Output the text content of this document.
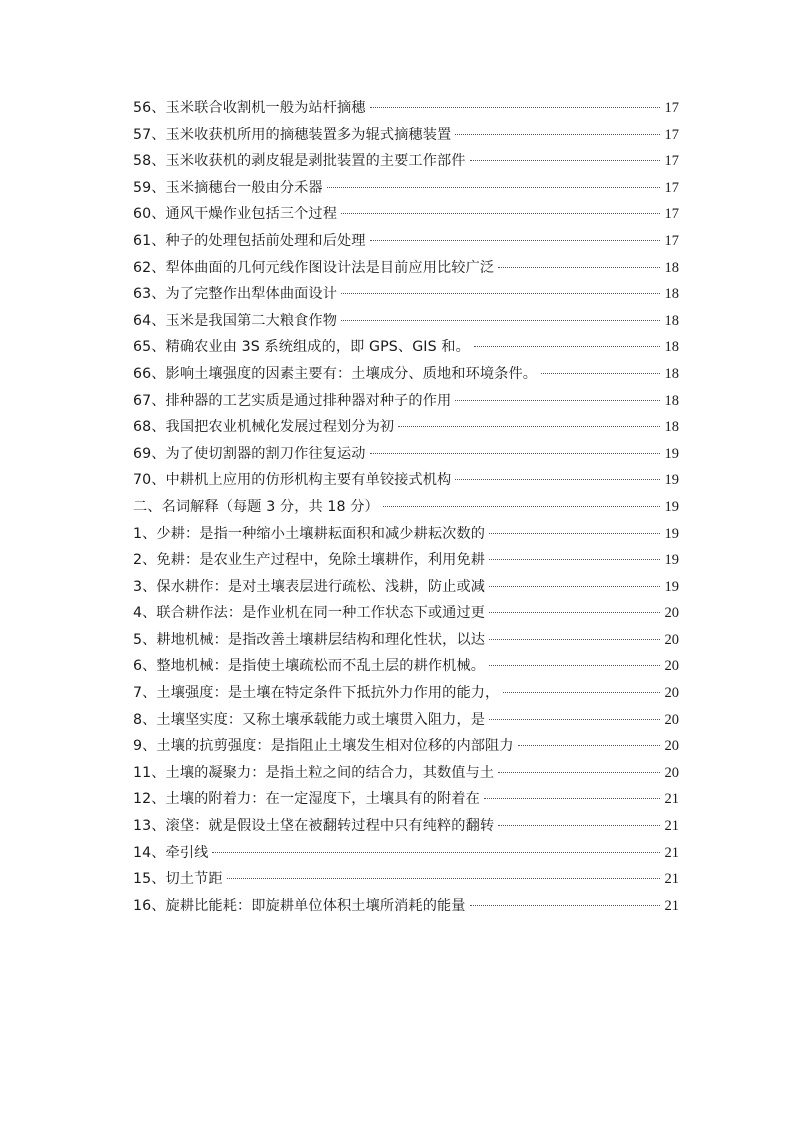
56、玉米联合收割机一般为站杆摘穗	17
57、玉米收获机所用的摘穗装置多为辊式摘穗装置	17
58、玉米收获机的剥皮辊是剥批装置的主要工作部件	17
59、玉米摘穗台一般由分禾器	17
60、通风干燥作业包括三个过程	17
61、种子的处理包括前处理和后处理	17
62、犁体曲面的几何元线作图设计法是目前应用比较广泛	18
63、为了完整作出犁体曲面设计	18
64、玉米是我国第二大粮食作物	18
65、精确农业由 3S 系统组成的，即 GPS、GIS 和。	18
66、影响土壤强度的因素主要有：土壤成分、质地和环境条件。	18
67、排种器的工艺实质是通过排种器对种子的作用	18
68、我国把农业机械化发展过程划分为初	18
69、为了使切割器的割刀作往复运动	19
70、中耕机上应用的仿形机构主要有单铰接式机构	19
二、名词解释（每题 3 分，共 18 分）	19
1、少耕：是指一种缩小土壤耕耘面积和减少耕耘次数的	19
2、免耕：是农业生产过程中，免除土壤耕作，利用免耕	19
3、保水耕作：是对土壤表层进行疏松、浅耕，防止或减	19
4、联合耕作法：是作业机在同一种工作状态下或通过更	20
5、耕地机械：是指改善土壤耕层结构和理化性状，以达	20
6、整地机械：是指使土壤疏松而不乱土层的耕作机械。	20
7、土壤强度：是土壤在特定条件下抵抗外力作用的能力，	20
8、土壤坚实度：又称土壤承载能力或土壤贯入阻力，是	20
9、土壤的抗剪强度：是指阻止土壤发生相对位移的内部阻力	20
11、土壤的凝聚力：是指土粒之间的结合力，其数值与土	20
12、土壤的附着力：在一定湿度下，土壤具有的附着在	21
13、滚垡：就是假设土垡在被翻转过程中只有纯粹的翻转	21
14、牵引线	21
15、切土节距	21
16、旋耕比能耗：即旋耕单位体积土壤所消耗的能量	21
